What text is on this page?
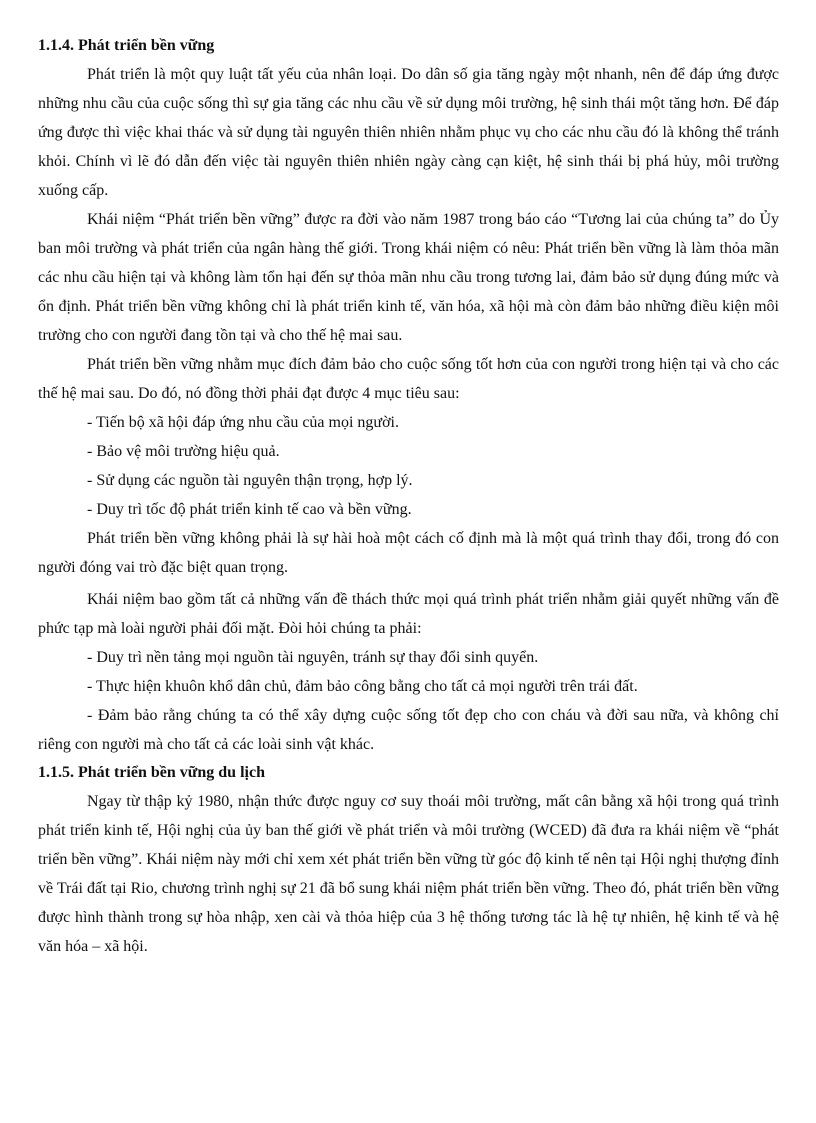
1.1.4. Phát triển bền vững

Phát triển là một quy luật tất yếu của nhân loại. Do dân số gia tăng ngày một nhanh, nên để đáp ứng được những nhu cầu của cuộc sống thì sự gia tăng các nhu cầu về sử dụng môi trường, hệ sinh thái một tăng hơn. Để đáp ứng được thì việc khai thác và sử dụng tài nguyên thiên nhiên nhằm phục vụ cho các nhu cầu đó là không thể tránh khỏi. Chính vì lẽ đó dẫn đến việc tài nguyên thiên nhiên ngày càng cạn kiệt, hệ sinh thái bị phá hủy, môi trường xuống cấp.

Khái niệm “Phát triển bền vững” được ra đời vào năm 1987 trong báo cáo “Tương lai của chúng ta” do Ủy ban môi trường và phát triển của ngân hàng thế giới. Trong khái niệm có nêu: Phát triển bền vững là làm thỏa mãn các nhu cầu hiện tại và không làm tổn hại đến sự thỏa mãn nhu cầu trong tương lai, đảm bảo sử dụng đúng mức và ổn định. Phát triển bền vững không chỉ là phát triển kinh tế, văn hóa, xã hội mà còn đảm bảo những điều kiện môi trường cho con người đang tồn tại và cho thế hệ mai sau.

Phát triển bền vững nhằm mục đích đảm bảo cho cuộc sống tốt hơn của con người trong hiện tại và cho các thế hệ mai sau. Do đó, nó đồng thời phải đạt được 4 mục tiêu sau:

- Tiến bộ xã hội đáp ứng nhu cầu của mọi người.

- Bảo vệ môi trường hiệu quả.

- Sử dụng các nguồn tài nguyên thận trọng, hợp lý.

- Duy trì tốc độ phát triển kinh tế cao và bền vững.

Phát triển bền vững không phải là sự hài hoà một cách cố định mà là một quá trình thay đổi, trong đó con người đóng vai trò đặc biệt quan trọng.

Khái niệm bao gồm tất cả những vấn đề thách thức mọi quá trình phát triển nhằm giải quyết những vấn đề phức tạp mà loài người phải đối mặt. Đòi hỏi chúng ta phải:

- Duy trì nền tảng mọi nguồn tài nguyên, tránh sự thay đổi sinh quyển.

- Thực hiện khuôn khổ dân chủ, đảm bảo công bằng cho tất cả mọi người trên trái đất.

- Đảm bảo rằng chúng ta có thể xây dựng cuộc sống tốt đẹp cho con cháu và đời sau nữa, và không chỉ riêng con người mà cho tất cả các loài sinh vật khác.

1.1.5. Phát triển bền vững du lịch

Ngay từ thập kỷ 1980, nhận thức được nguy cơ suy thoái môi trường, mất cân bằng xã hội trong quá trình phát triển kinh tế, Hội nghị của ủy ban thế giới về phát triển và môi trường (WCED) đã đưa ra khái niệm về “phát triển bền vững”. Khái niệm này mới chỉ xem xét phát triển bền vững từ góc độ kinh tế nên tại Hội nghị thượng đỉnh về Trái đất tại Rio, chương trình nghị sự 21 đã bổ sung khái niệm phát triển bền vững. Theo đó, phát triển bền vững được hình thành trong sự hòa nhập, xen cài và thỏa hiệp của 3 hệ thống tương tác là hệ tự nhiên, hệ kinh tế và hệ văn hóa – xã hội.
